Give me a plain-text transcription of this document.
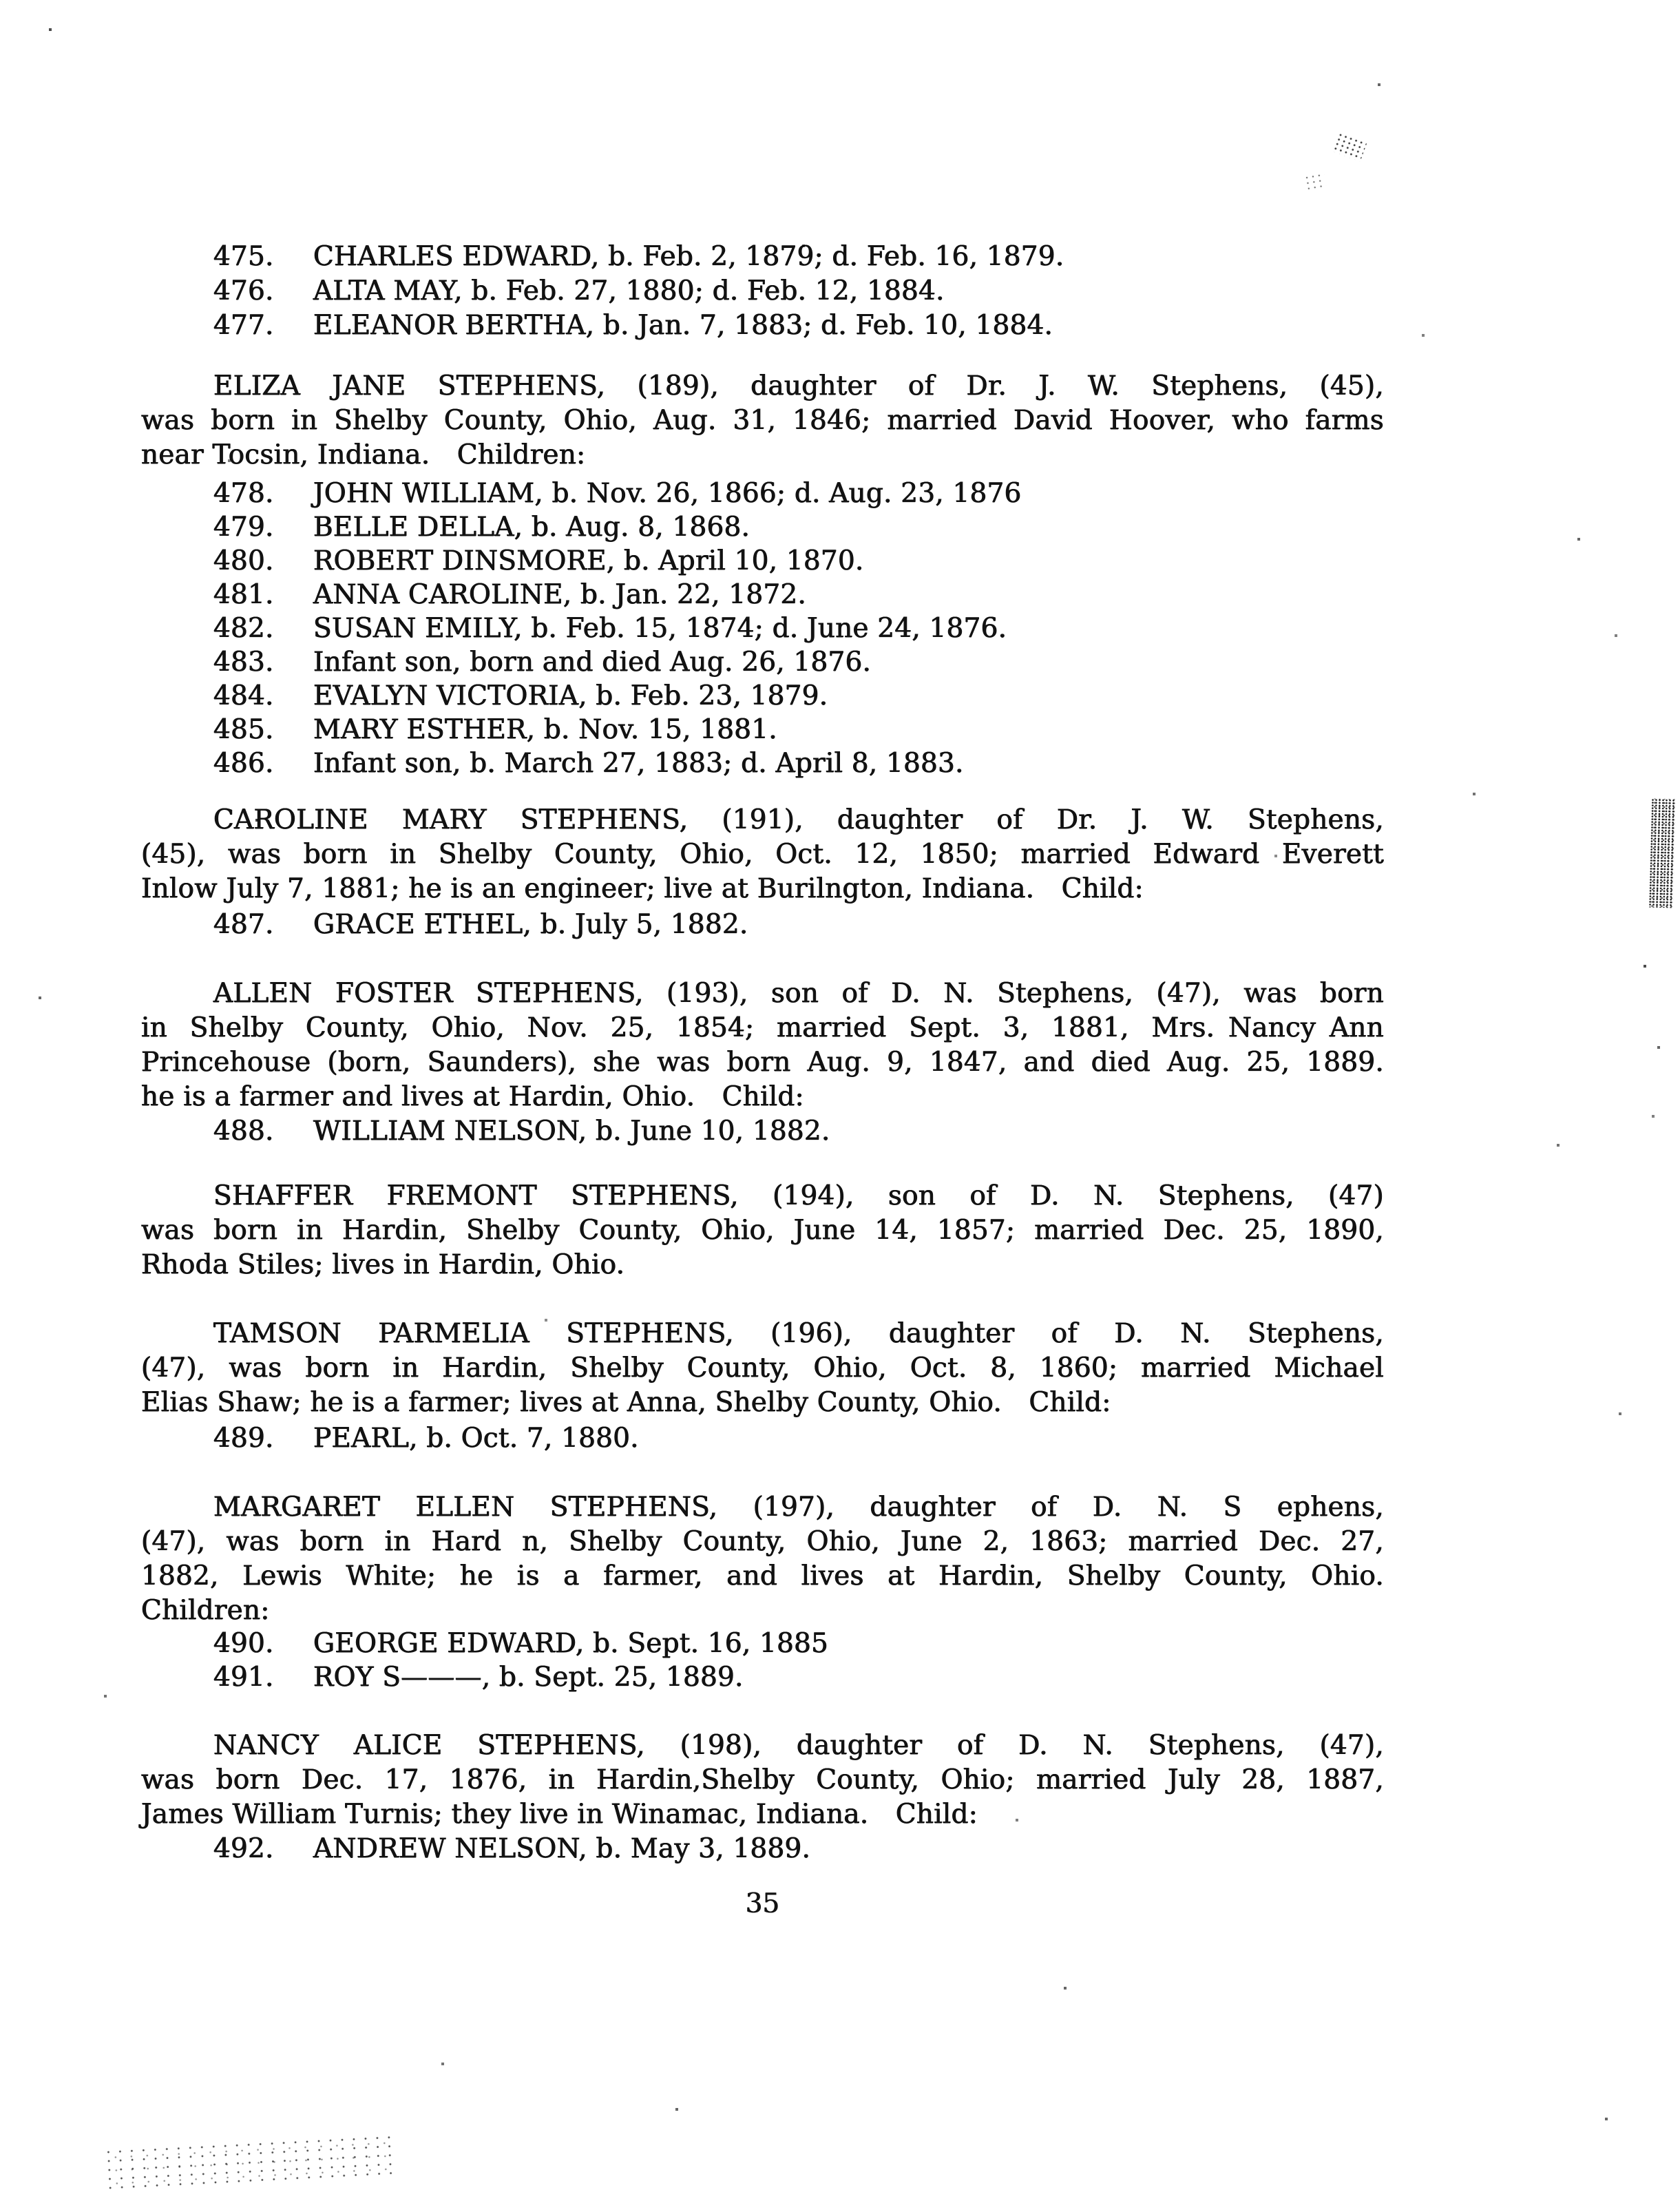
475. CHARLES EDWARD, b. Feb. 2, 1879; d. Feb. 16, 1879.
476. ALTA MAY, b. Feb. 27, 1880; d. Feb. 12, 1884.
477. ELEANOR BERTHA, b. Jan. 7, 1883; d. Feb. 10, 1884.
ELIZA JANE STEPHENS, (189), daughter of Dr. J. W. Stephens, (45),
was born in Shelby County, Ohio, Aug. 31, 1846; married David Hoover, who farms
near Tocsin, Indiana.  Children:
478. JOHN WILLIAM, b. Nov. 26, 1866; d. Aug. 23, 1876
479. BELLE DELLA, b. Aug. 8, 1868.
480. ROBERT DINSMORE, b. April 10, 1870.
481. ANNA CAROLINE, b. Jan. 22, 1872.
482. SUSAN EMILY, b. Feb. 15, 1874; d. June 24, 1876.
483. Infant son, born and died Aug. 26, 1876.
484. EVALYN VICTORIA, b. Feb. 23, 1879.
485. MARY ESTHER, b. Nov. 15, 1881.
486. Infant son, b. March 27, 1883; d. April 8, 1883.
CAROLINE MARY STEPHENS, (191), daughter of Dr. J. W. Stephens,
(45), was born in Shelby County, Ohio, Oct. 12, 1850; married Edward Everett
Inlow July 7, 1881; he is an engineer; live at Burilngton, Indiana.  Child:
487. GRACE ETHEL, b. July 5, 1882.
ALLEN FOSTER STEPHENS, (193), son of D. N. Stephens, (47), was born
in Shelby County, Ohio, Nov. 25, 1854; married Sept. 3, 1881, Mrs. Nancy Ann
Princehouse (born, Saunders), she was born Aug. 9, 1847, and died Aug. 25, 1889.
he is a farmer and lives at Hardin, Ohio.  Child:
488. WILLIAM NELSON, b. June 10, 1882.
SHAFFER FREMONT STEPHENS, (194), son of D. N. Stephens, (47)
was born in Hardin, Shelby County, Ohio, June 14, 1857; married Dec. 25, 1890,
Rhoda Stiles; lives in Hardin, Ohio.
TAMSON PARMELIA STEPHENS, (196), daughter of D. N. Stephens,
(47), was born in Hardin, Shelby County, Ohio, Oct. 8, 1860; married Michael
Elias Shaw; he is a farmer; lives at Anna, Shelby County, Ohio.  Child:
489. PEARL, b. Oct. 7, 1880.
MARGARET ELLEN STEPHENS, (197), daughter of D. N. S ephens,
(47), was born in Hard n, Shelby County, Ohio, June 2, 1863; married Dec. 27,
1882, Lewis White; he is a farmer, and lives at Hardin, Shelby County, Ohio.
Children:
490. GEORGE EDWARD, b. Sept. 16, 1885
491. ROY S———, b. Sept. 25, 1889.
NANCY ALICE STEPHENS, (198), daughter of D. N. Stephens, (47),
was born Dec. 17, 1876, in Hardin,Shelby County, Ohio; married July 28, 1887,
James William Turnis; they live in Winamac, Indiana.  Child:
492. ANDREW NELSON, b. May 3, 1889.
35
